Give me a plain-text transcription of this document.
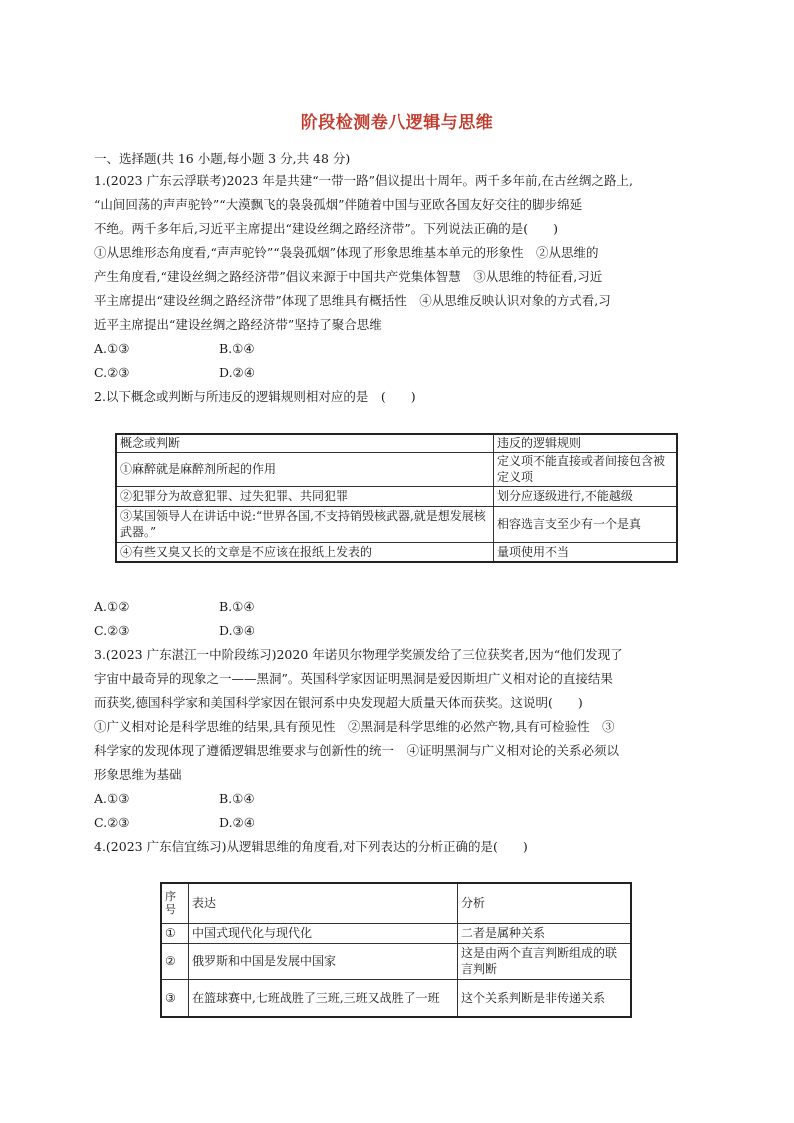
阶段检测卷八逻辑与思维
一、选择题(共 16 小题,每小题 3 分,共 48 分)
1.(2023 广东云浮联考)2023 年是共建“一带一路”倡议提出十周年。两千多年前,在古丝绸之路上,
“山间回荡的声声驼铃”“大漠飘飞的袅袅孤烟”伴随着中国与亚欧各国友好交往的脚步绵延
不绝。两千多年后,习近平主席提出“建设丝绸之路经济带”。下列说法正确的是(　　)
①从思维形态角度看,“声声驼铃”“袅袅孤烟”体现了形象思维基本单元的形象性　②从思维的
产生角度看,“建设丝绸之路经济带”倡议来源于中国共产党集体智慧　③从思维的特征看,习近
平主席提出“建设丝绸之路经济带”体现了思维具有概括性　④从思维反映认识对象的方式看,习
近平主席提出“建设丝绸之路经济带”坚持了聚合思维
A.①③	B.①④
C.②③	D.②④
2.以下概念或判断与所违反的逻辑规则相对应的是　(　　)
概念或判断	违反的逻辑规则
①麻醉就是麻醉剂所起的作用	定义项不能直接或者间接包含被定义项
②犯罪分为故意犯罪、过失犯罪、共同犯罪	划分应逐级进行,不能越级
③某国领导人在讲话中说:“世界各国,不支持销毁核武器,就是想发展核武器。”	相容选言支至少有一个是真
④有些又臭又长的文章是不应该在报纸上发表的	量项使用不当
A.①②	B.①④
C.②③	D.③④
3.(2023 广东湛江一中阶段练习)2020 年诺贝尔物理学奖颁发给了三位获奖者,因为“他们发现了
宇宙中最奇异的现象之一——黑洞”。英国科学家因证明黑洞是爱因斯坦广义相对论的直接结果
而获奖,德国科学家和美国科学家因在银河系中央发现超大质量天体而获奖。这说明(　　)
①广义相对论是科学思维的结果,具有预见性　②黑洞是科学思维的必然产物,具有可检验性　③
科学家的发现体现了遵循逻辑思维要求与创新性的统一　④证明黑洞与广义相对论的关系必须以
形象思维为基础
A.①③	B.①④
C.②③	D.②④
4.(2023 广东信宜练习)从逻辑思维的角度看,对下列表达的分析正确的是(　　)
序号	表达	分析
①	中国式现代化与现代化	二者是属种关系
②	俄罗斯和中国是发展中国家	这是由两个直言判断组成的联言判断
③	在篮球赛中,七班战胜了三班,三班又战胜了一班	这个关系判断是非传递关系
